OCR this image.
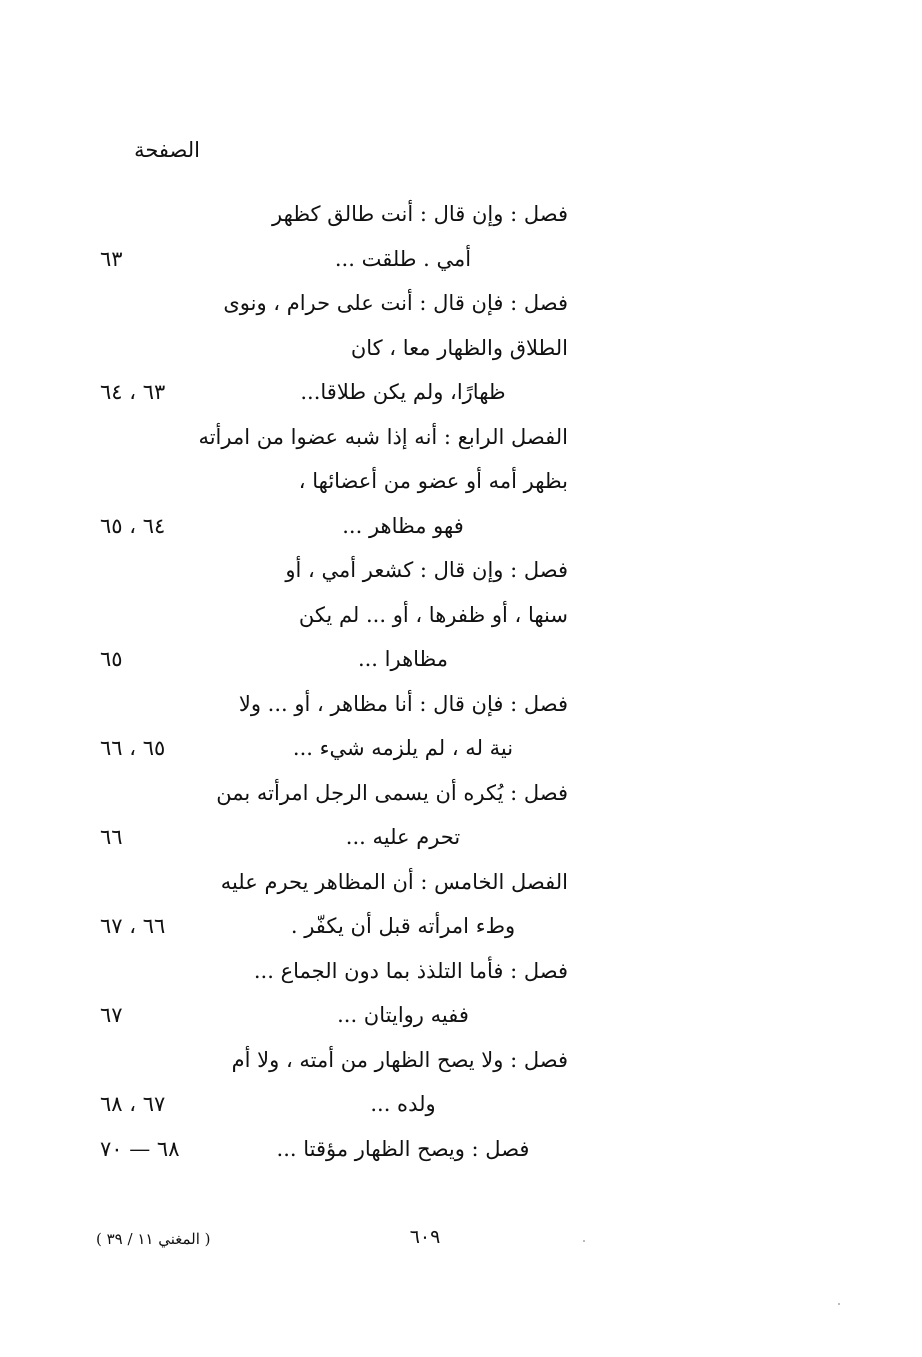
الصفحة
فصل : وإن قال : أنت طالق كظهر
أمي . طلقت ...
٦٣
فصل : فإن قال : أنت على حرام ، ونوى
الطلاق والظهار معا ، كان
ظهارًا، ولم يكن طلاقا...
٦٣ ، ٦٤
الفصل الرابع : أنه إذا شبه عضوا من امرأته
بظهر أمه أو عضو من أعضائها ،
فهو مظاهر ...
٦٤ ، ٦٥
فصل : وإن قال : كشعر أمي ، أو
سنها ، أو ظفرها ، أو ... لم يكن
مظاهرا ...
٦٥
فصل : فإن قال : أنا مظاهر ، أو ... ولا
نية له ، لم يلزمه شيء ...
٦٥ ، ٦٦
فصل : يُكره أن يسمى الرجل امرأته بمن
تحرم عليه ...
٦٦
الفصل الخامس : أن المظاهر يحرم عليه
وطء امرأته قبل أن يكفّر .
٦٦ ، ٦٧
فصل : فأما التلذذ بما دون الجماع ...
ففيه روايتان ...
٦٧
فصل : ولا يصح الظهار من أمته ، ولا أم
ولده ...
٦٧ ، ٦٨
فصل : ويصح الظهار مؤقتا ...
٦٨ — ٧٠
٦٠٩
( المغني ١١ / ٣٩ )
